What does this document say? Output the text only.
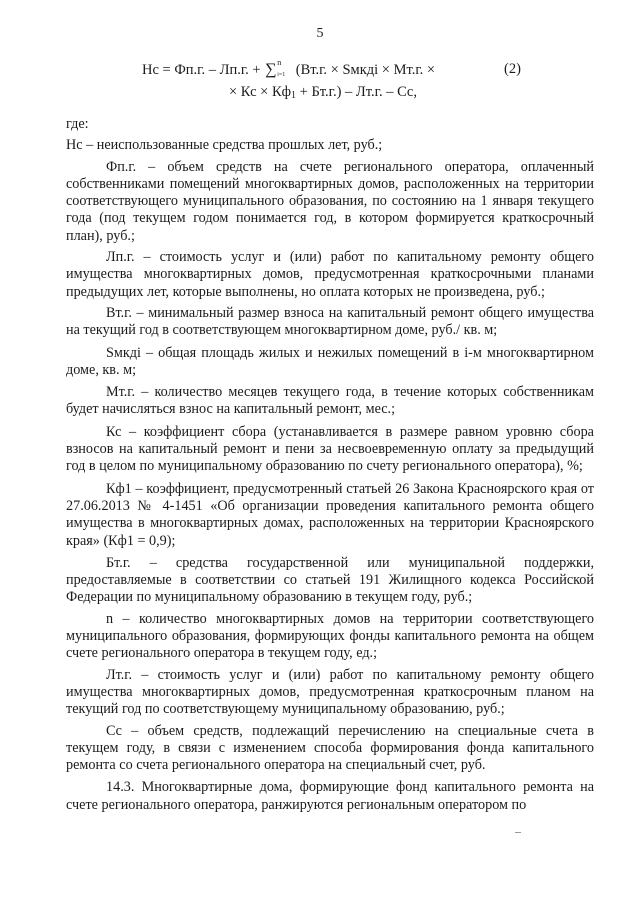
5
Нс = Фп.г. – Лп.г. + ∑ n
i=1
  (Вт.г. × Sмкдi × Мт.г. ×	(2)
× Кс × Кф1 + Бт.г.) – Лт.г. – Сс,

где:

Нс – неиспользованные средства прошлых лет, руб.;

Фп.г. – объем средств на счете регионального оператора, оплаченный собственниками помещений многоквартирных домов, расположенных на территории соответствующего муниципального образования, по состоянию на 1 января текущего года (под текущем годом понимается год, в котором формируется краткосрочный план), руб.;

Лп.г. – стоимость услуг и (или) работ по капитальному ремонту общего имущества многоквартирных домов, предусмотренная краткосрочными планами предыдущих лет, которые выполнены, но оплата которых не произведена, руб.;

Вт.г. – минимальный размер взноса на капитальный ремонт общего имущества на текущий год в соответствующем многоквартирном доме, руб./ кв. м;

Sмкдi – общая площадь жилых и нежилых помещений в i-м многоквартирном доме, кв. м;

Мт.г. – количество месяцев текущего года, в течение которых собственникам будет начисляться взнос на капитальный ремонт, мес.;

Кс – коэффициент сбора (устанавливается в размере равном уровню сбора взносов на капитальный ремонт и пени за несвоевременную оплату за предыдущий год в целом по муниципальному образованию по счету регионального оператора), %;

Кф1 – коэффициент, предусмотренный статьей 26 Закона Красноярского края от 27.06.2013 № 4-1451 «Об организации проведения капитального ремонта общего имущества в многоквартирных домах, расположенных на территории Красноярского края» (Кф1 = 0,9);

Бт.г. – средства государственной или муниципальной поддержки, предоставляемые в соответствии со статьей 191 Жилищного кодекса Российской Федерации по муниципальному образованию в текущем году, руб.;

n – количество многоквартирных домов на территории соответствующего муниципального образования, формирующих фонды капитального ремонта на общем счете регионального оператора в текущем году, ед.;

Лт.г. – стоимость услуг и (или) работ по капитальному ремонту общего имущества многоквартирных домов, предусмотренная краткосрочным планом на текущий год по соответствующему муниципальному образованию, руб.;

Сс – объем средств, подлежащий перечислению на специальные счета в текущем году, в связи с изменением способа формирования фонда капитального ремонта со счета регионального оператора на специальный счет, руб.

14.3. Многоквартирные дома, формирующие фонд капитального ремонта на счете регионального оператора, ранжируются региональным оператором по
